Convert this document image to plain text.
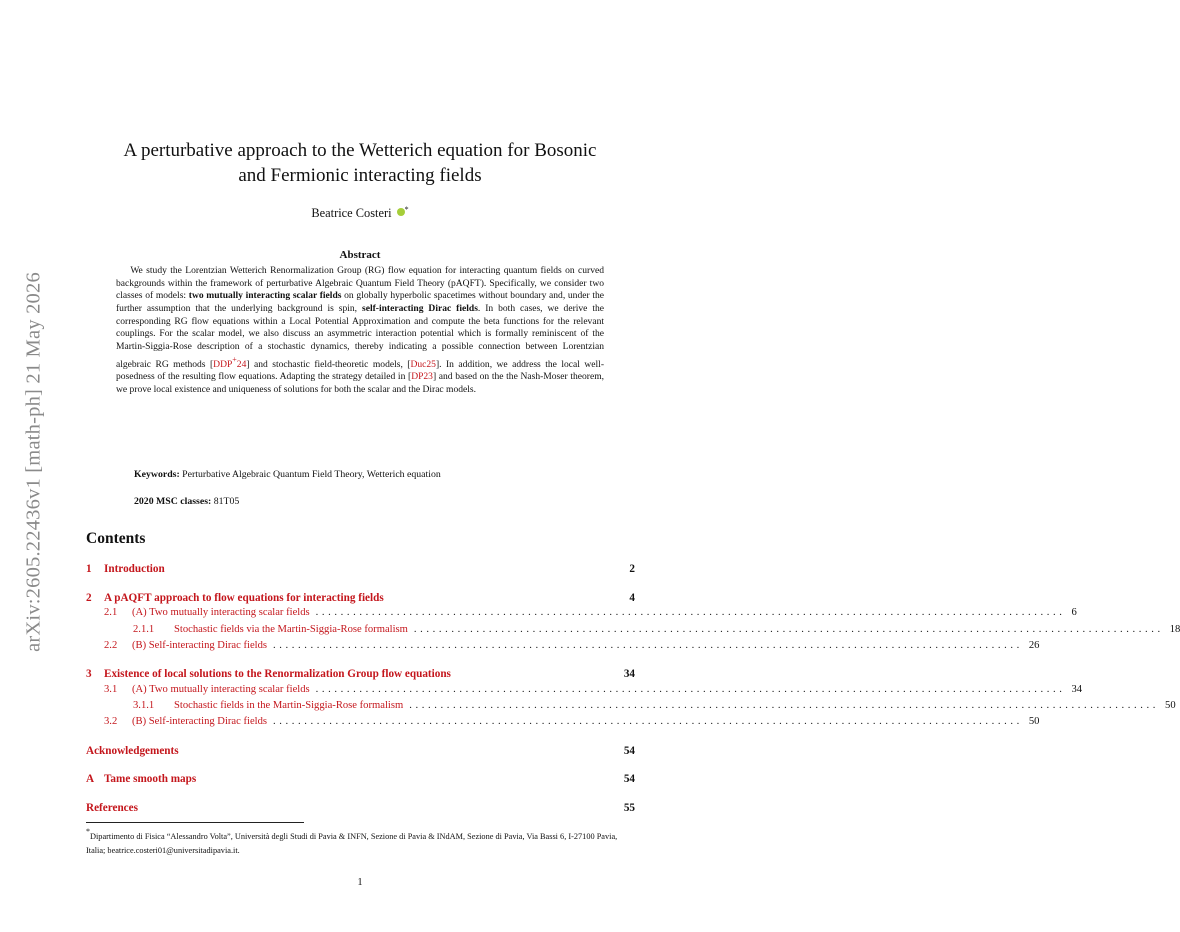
arXiv:2605.22436v1 [math-ph] 21 May 2026
A perturbative approach to the Wetterich equation for Bosonic
and Fermionic interacting fields
Beatrice Costeri *
Abstract
We study the Lorentzian Wetterich Renormalization Group (RG) flow equation for interacting quantum fields on curved backgrounds within the framework of perturbative Algebraic Quantum Field Theory (pAQFT). Specifically, we consider two classes of models: two mutually interacting scalar fields on globally hyperbolic spacetimes without boundary and, under the further assumption that the underlying background is spin, self-interacting Dirac fields. In both cases, we derive the corresponding RG flow equations within a Local Potential Approximation and compute the beta functions for the relevant couplings. For the scalar model, we also discuss an asymmetric interaction potential which is formally reminiscent of the Martin-Siggia-Rose description of a stochastic dynamics, thereby indicating a possible connection between Lorentzian algebraic RG methods [DDP+24] and stochastic field-theoretic models, [Duc25]. In addition, we address the local well-posedness of the resulting flow equations. Adapting the strategy detailed in [DP23] and based on the the Nash-Moser theorem, we prove local existence and uniqueness of solutions for both the scalar and the Dirac models.
Keywords: Perturbative Algebraic Quantum Field Theory, Wetterich equation
2020 MSC classes: 81T05
Contents
1	Introduction	2
2	A pAQFT approach to flow equations for interacting fields	4
2.1	(A) Two mutually interacting scalar fields ........................................................................................................................ 6
2.1.1	Stochastic fields via the Martin-Siggia-Rose formalism ........................................................................................................................ 18
2.2	(B) Self-interacting Dirac fields ........................................................................................................................ 26
3	Existence of local solutions to the Renormalization Group flow equations	34
3.1	(A) Two mutually interacting scalar fields ........................................................................................................................ 34
3.1.1	Stochastic fields in the Martin-Siggia-Rose formalism ........................................................................................................................ 50
3.2	(B) Self-interacting Dirac fields ........................................................................................................................ 50
Acknowledgements	54
A Tame smooth maps	54
References	55
*Dipartimento di Fisica “Alessandro Volta”, Università degli Studi di Pavia & INFN, Sezione di Pavia & INdAM, Sezione di Pavia, Via Bassi 6, I-27100 Pavia, Italia; beatrice.costeri01@universitadipavia.it.
1
